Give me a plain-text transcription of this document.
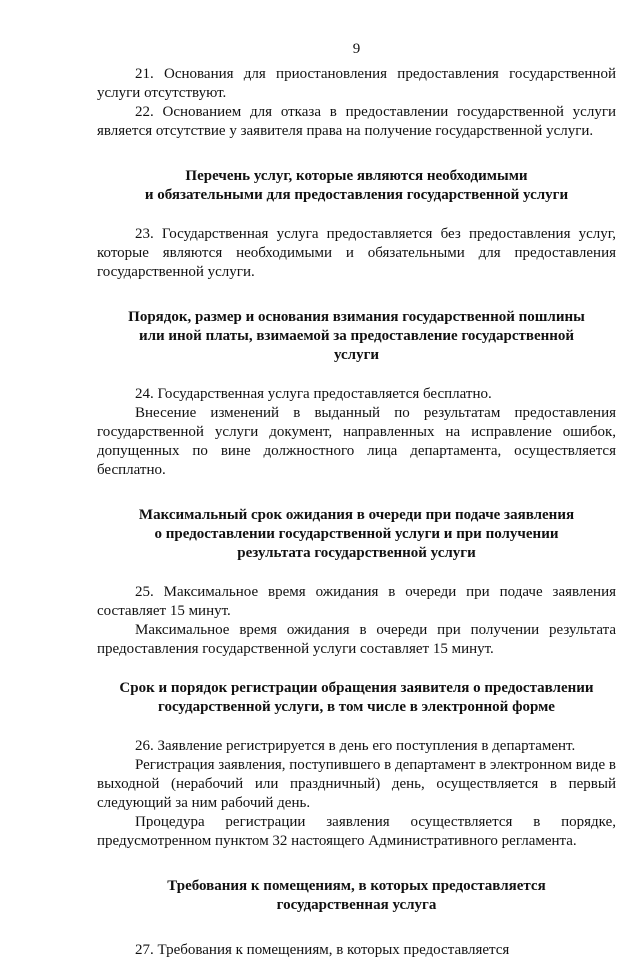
9

21. Основания для приостановления предоставления государственной услуги отсутствуют.

22. Основанием для отказа в предоставлении государственной услуги является отсутствие у заявителя права на получение государственной услуги.

Перечень услуг, которые являются необходимыми
и обязательными для предоставления государственной услуги

23. Государственная услуга предоставляется без предоставления услуг, которые являются необходимыми и обязательными для предоставления государственной услуги.

Порядок, размер и основания взимания государственной пошлины
или иной платы, взимаемой за предоставление государственной
услуги

24. Государственная услуга предоставляется бесплатно.

Внесение изменений в выданный по результатам предоставления государственной услуги документ, направленных на исправление ошибок, допущенных по вине должностного лица департамента, осуществляется бесплатно.

Максимальный срок ожидания в очереди при подаче заявления
о предоставлении государственной услуги и при получении
результата государственной услуги

25. Максимальное время ожидания в очереди при подаче заявления составляет 15 минут.

Максимальное время ожидания в очереди при получении результата предоставления государственной услуги составляет 15 минут.

Срок и порядок регистрации обращения заявителя о предоставлении
государственной услуги, в том числе в электронной форме

26. Заявление регистрируется в день его поступления в департамент.

Регистрация заявления, поступившего в департамент в электронном виде в выходной (нерабочий или праздничный) день, осуществляется в первый следующий за ним рабочий день.

Процедура регистрации заявления осуществляется в порядке, предусмотренном пунктом 32 настоящего Административного регламента.

Требования к помещениям, в которых предоставляется
государственная услуга

27. Требования к помещениям, в которых предоставляется
